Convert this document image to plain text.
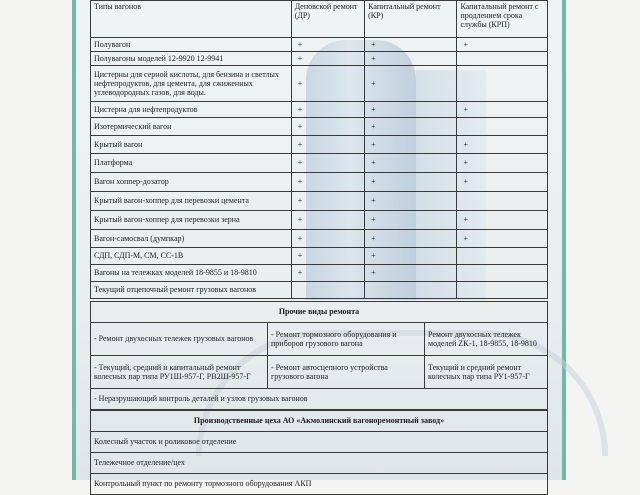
Типы вагонов	Деповской ремонт (ДР)	Капитальный ремонт (КР)	Капитальный ремонт с продлением срока службы (КРП)
Полувагон	+	+	+
Полувагоны моделей 12-9920 12-9941	+	+	
Цистерны для серной кислоты, для бензина и светлых нефтепродуктов, для цемента, для сжиженных углеводородных газов, для воды.	+	+	
Цистерна для нефтепродуктов	+	+	+
Изотермический вагон	+	+	
Крытый вагон	+	+	+
Платформа	+	+	+
Вагон хоппер-дозатор	+	+	+
Крытый вагон-хоппер для перевозки цемента	+	+	
Крытый вагон-хоппер для перевозки зерна	+	+	+
Вагон-самосвал (думпкар)	+	+	+
СДП, СДП-М, СМ, СС-1В	+	+	
Вагоны на тележках моделей 18-9855 и 18-9810	+	+	
Текущий отцепочный ремонт грузовых вагонов			
Прочие виды ремонта		
- Ремонт двухосных тележек грузовых вагонов	- Ремонт тормозного оборудования и приборов грузового вагона	Ремонт двухосных тележек моделей ZK-1, 18-9855, 18-9810
- Текущий, средний и капитальный ремонт колесных пар типа РУ1Ш-957-Г, РВ2Ш-957-Г	- Ремонт автосцепного устройства грузового вагона	Текущий и средний ремонт колесных пар типа РУ1-957-Г
- Неразрушающий контроль деталей и узлов грузовых вагонов		
Производственные цеха АО «Акмолинский вагоноремонтный завод»
Колесный участок и роликовое отделение
Тележечное отделение/цех
Контрольный пункт по ремонту тормозного оборудования АКП
